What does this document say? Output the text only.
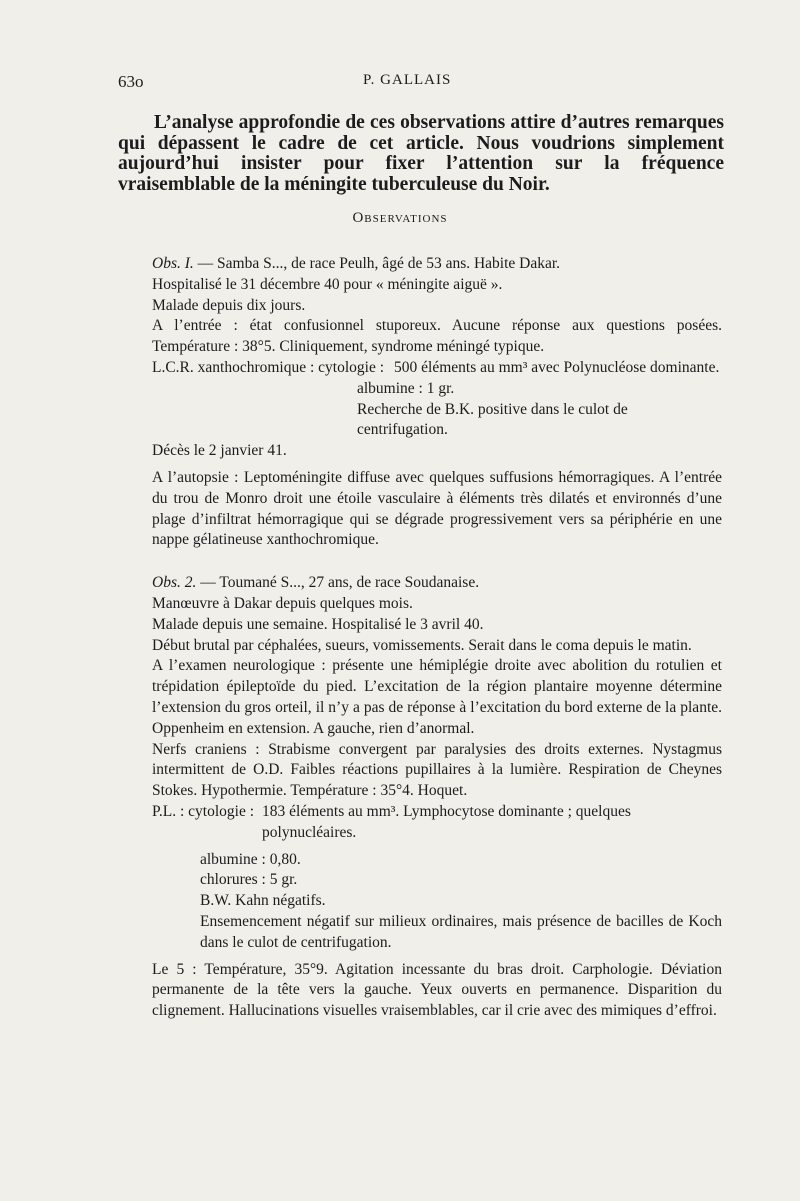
63o	P. GALLAIS

L’analyse approfondie de ces observations attire d’autres remarques qui dépassent le cadre de cet article. Nous voudrions simplement aujourd’hui insister pour fixer l’attention sur la fréquence vraisemblable de la méningite tuberculeuse du Noir.

Observations

Obs. I. — Samba S..., de race Peulh, âgé de 53 ans. Habite Dakar.

Hospitalisé le 31 décembre 40 pour « méningite aiguë ».

Malade depuis dix jours.

A l’entrée : état confusionnel stuporeux. Aucune réponse aux questions posées. Température : 38°5. Cliniquement, syndrome méningé typique.

L.C.R. xanthochromique : cytologie : 500 éléments au mm³ avec Polynucléose dominante.

albumine : 1 gr.

Recherche de B.K. positive dans le culot de centrifugation.

Décès le 2 janvier 41.

A l’autopsie : Leptoméningite diffuse avec quelques suffusions hémorragiques. A l’entrée du trou de Monro droit une étoile vasculaire à éléments très dilatés et environnés d’une plage d’infiltrat hémorragique qui se dégrade progressivement vers sa périphérie en une nappe gélatineuse xanthochromique.

Obs. 2. — Toumané S..., 27 ans, de race Soudanaise.

Manœuvre à Dakar depuis quelques mois.

Malade depuis une semaine. Hospitalisé le 3 avril 40.

Début brutal par céphalées, sueurs, vomissements. Serait dans le coma depuis le matin.

A l’examen neurologique : présente une hémiplégie droite avec abolition du rotulien et trépidation épileptoïde du pied. L’excitation de la région plantaire moyenne détermine l’extension du gros orteil, il n’y a pas de réponse à l’excitation du bord externe de la plante. Oppenheim en extension. A gauche, rien d’anormal.

Nerfs craniens : Strabisme convergent par paralysies des droits externes. Nystagmus intermittent de O.D. Faibles réactions pupillaires à la lumière. Respiration de Cheynes Stokes. Hypothermie. Température : 35°4. Hoquet.

P.L. : cytologie : 183 éléments au mm³. Lymphocytose dominante ; quelques polynucléaires.

albumine : 0,80.

chlorures : 5 gr.

B.W. Kahn négatifs.

Ensemencement négatif sur milieux ordinaires, mais présence de bacilles de Koch dans le culot de centrifugation.

Le 5 : Température, 35°9. Agitation incessante du bras droit. Carphologie. Déviation permanente de la tête vers la gauche. Yeux ouverts en permanence. Disparition du clignement. Hallucinations visuelles vraisemblables, car il crie avec des mimiques d’effroi.
